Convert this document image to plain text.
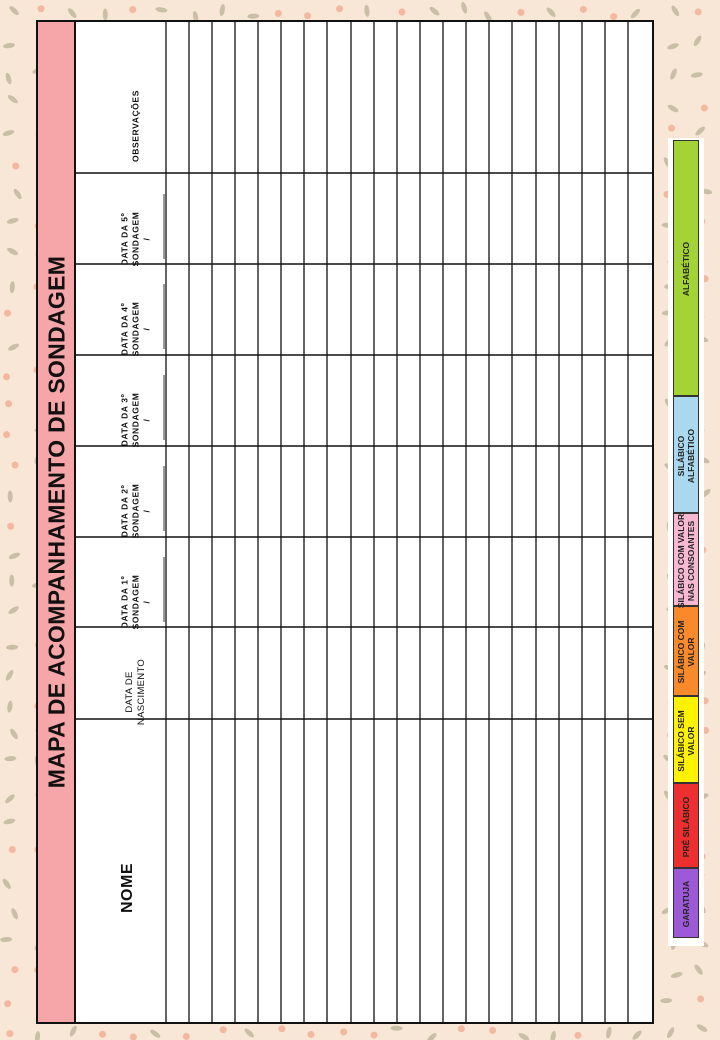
MAPA DE ACOMPANHAMENTO DE SONDAGEM
NOME
DATA DE NASCIMENTO
DATA DA 1º SONDAGEM /
DATA DA 2º SONDAGEM /
DATA DA 3º SONDAGEM /
DATA DA 4º SONDAGEM /
DATA DA 5º SONDAGEM /
OBSERVAÇÕES
GARATUJA
PRÉ SILÁBICO
SILÁBICO SEM VALOR
SILÁBICO COM VALOR
SILÁBICO COM VALOR NAS CONSOANTES
SILÁBICO ALFABÉTICO
ALFABÉTICO
